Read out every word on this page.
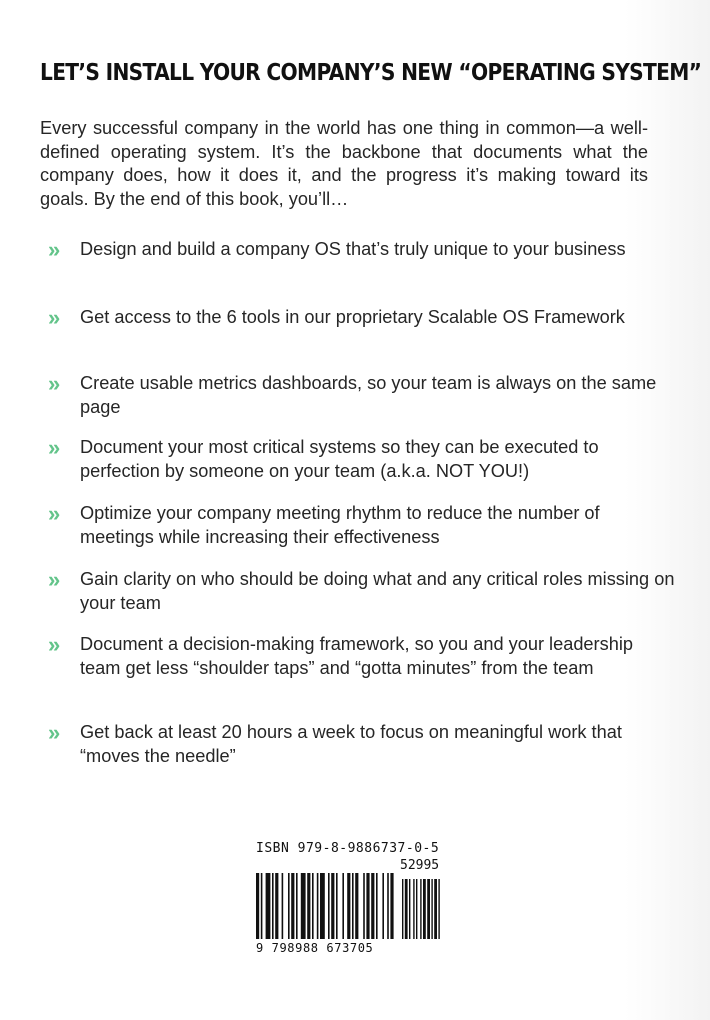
LET’S INSTALL YOUR COMPANY’S NEW “OPERATING SYSTEM”
Every successful company in the world has one thing in common—a well-defined operating system. It’s the backbone that documents what the company does, how it does it, and the progress it’s making toward its goals. By the end of this book, you’ll…
» Design and build a company OS that’s truly unique to your business
» Get access to the 6 tools in our proprietary Scalable OS Framework
» Create usable metrics dashboards, so your team is always on the same page
» Document your most critical systems so they can be executed to perfection by someone on your team (a.k.a. NOT YOU!)
» Optimize your company meeting rhythm to reduce the number of meetings while increasing their effectiveness
» Gain clarity on who should be doing what and any critical roles missing on your team
» Document a decision-making framework, so you and your leadership team get less “shoulder taps” and “gotta minutes” from the team
» Get back at least 20 hours a week to focus on meaningful work that “moves the needle”
ISBN 979-8-9886737-0-5
52995
9 798988 673705
